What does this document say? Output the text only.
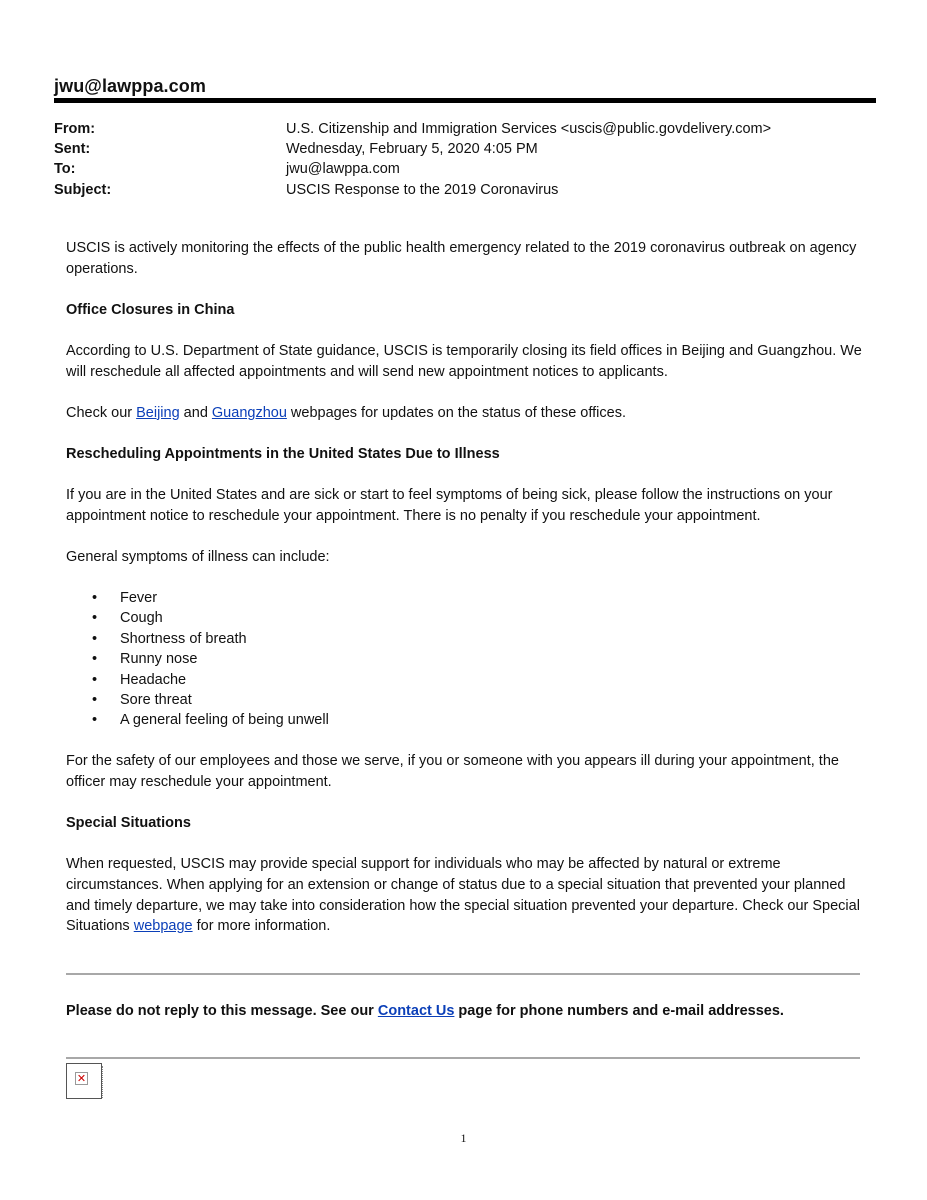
jwu@lawppa.com
From:	U.S. Citizenship and Immigration Services <uscis@public.govdelivery.com>
Sent:	Wednesday, February 5, 2020 4:05 PM
To:	jwu@lawppa.com
Subject:	USCIS Response to the 2019 Coronavirus

USCIS is actively monitoring the effects of the public health emergency related to the 2019 coronavirus outbreak on agency operations.

Office Closures in China

According to U.S. Department of State guidance, USCIS is temporarily closing its field offices in Beijing and Guangzhou. We will reschedule all affected appointments and will send new appointment notices to applicants.

Check our Beijing and Guangzhou webpages for updates on the status of these offices.

Rescheduling Appointments in the United States Due to Illness

If you are in the United States and are sick or start to feel symptoms of being sick, please follow the instructions on your appointment notice to reschedule your appointment. There is no penalty if you reschedule your appointment.

General symptoms of illness can include:

• Fever
• Cough
• Shortness of breath
• Runny nose
• Headache
• Sore threat
• A general feeling of being unwell

For the safety of our employees and those we serve, if you or someone with you appears ill during your appointment, the officer may reschedule your appointment.

Special Situations

When requested, USCIS may provide special support for individuals who may be affected by natural or extreme circumstances. When applying for an extension or change of status due to a special situation that prevented your planned and timely departure, we may take into consideration how the special situation prevented your departure. Check our Special Situations webpage for more information.

Please do not reply to this message. See our Contact Us page for phone numbers and e-mail addresses.
✕
1
